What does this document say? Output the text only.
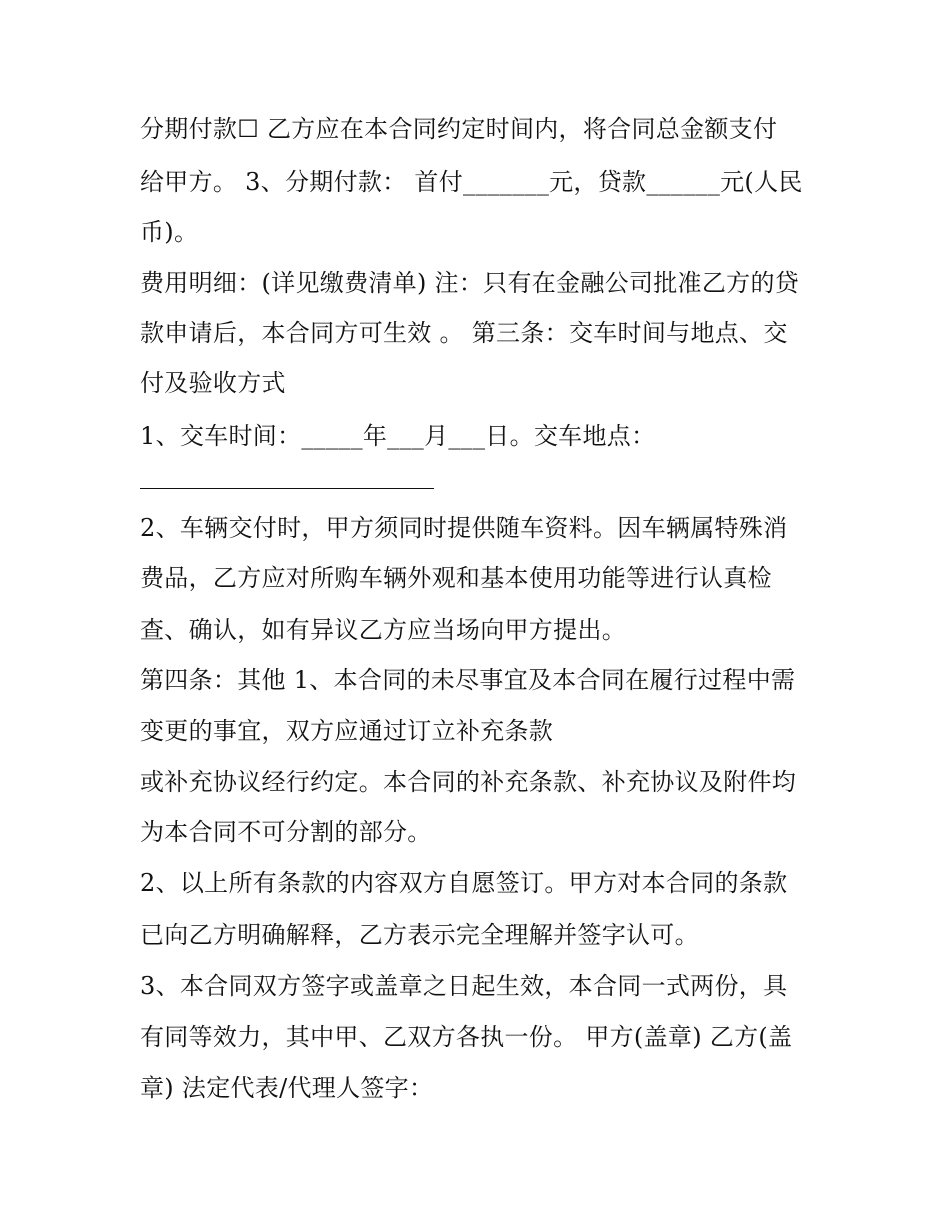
分期付款☐ 乙方应在本合同约定时间内，将合同总金额支付
给甲方。 3、分期付款： 首付_______元，贷款______元(人民
币)。
费用明细：(详见缴费清单) 注：只有在金融公司批准乙方的贷
款申请后，本合同方可生效 。 第三条：交车时间与地点、交
付及验收方式
1、交车时间：_____年___月___日。交车地点：
2、车辆交付时，甲方须同时提供随车资料。因车辆属特殊消
费品，乙方应对所购车辆外观和基本使用功能等进行认真检
查、确认，如有异议乙方应当场向甲方提出。
第四条：其他 1、本合同的未尽事宜及本合同在履行过程中需
变更的事宜，双方应通过订立补充条款
或补充协议经行约定。本合同的补充条款、补充协议及附件均
为本合同不可分割的部分。
2、以上所有条款的内容双方自愿签订。甲方对本合同的条款
已向乙方明确解释，乙方表示完全理解并签字认可。
3、本合同双方签字或盖章之日起生效，本合同一式两份，具
有同等效力，其中甲、乙双方各执一份。 甲方(盖章) 乙方(盖
章) 法定代表/代理人签字：
